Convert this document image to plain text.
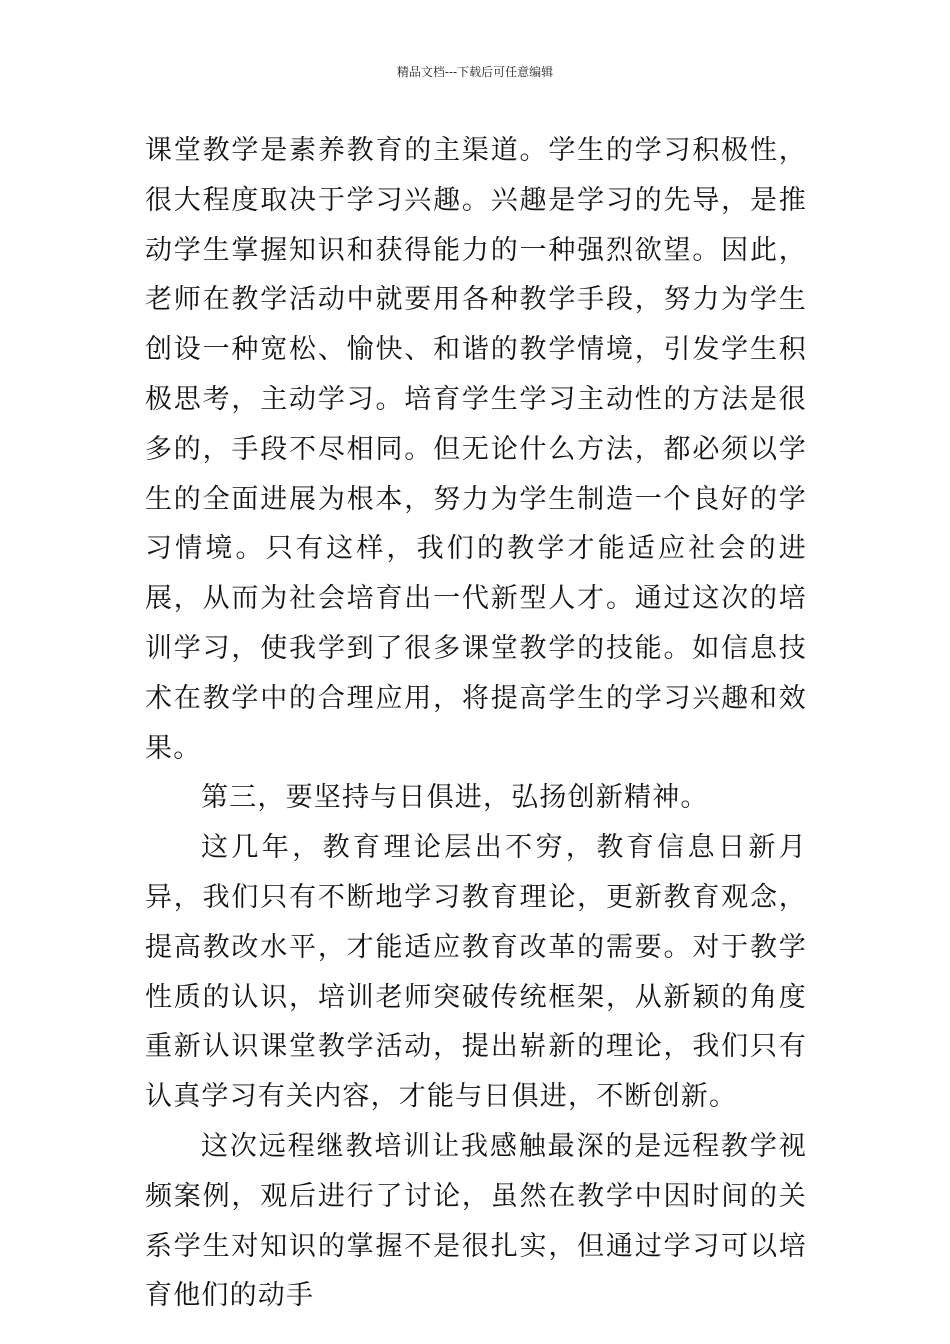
精品文档---下载后可任意编辑

课堂教学是素养教育的主渠道。学生的学习积极性，很大程度取决于学习兴趣。兴趣是学习的先导，是推动学生掌握知识和获得能力的一种强烈欲望。因此，老师在教学活动中就要用各种教学手段，努力为学生创设一种宽松、愉快、和谐的教学情境，引发学生积极思考，主动学习。培育学生学习主动性的方法是很多的，手段不尽相同。但无论什么方法，都必须以学生的全面进展为根本，努力为学生制造一个良好的学习情境。只有这样，我们的教学才能适应社会的进展，从而为社会培育出一代新型人才。通过这次的培训学习，使我学到了很多课堂教学的技能。如信息技术在教学中的合理应用，将提高学生的学习兴趣和效果。

第三，要坚持与日俱进，弘扬创新精神。

这几年，教育理论层出不穷，教育信息日新月异，我们只有不断地学习教育理论，更新教育观念，提高教改水平，才能适应教育改革的需要。对于教学性质的认识，培训老师突破传统框架，从新颖的角度重新认识课堂教学活动，提出崭新的理论，我们只有认真学习有关内容，才能与日俱进，不断创新。

这次远程继教培训让我感触最深的是远程教学视频案例，观后进行了讨论，虽然在教学中因时间的关系学生对知识的掌握不是很扎实，但通过学习可以培育他们的动手
